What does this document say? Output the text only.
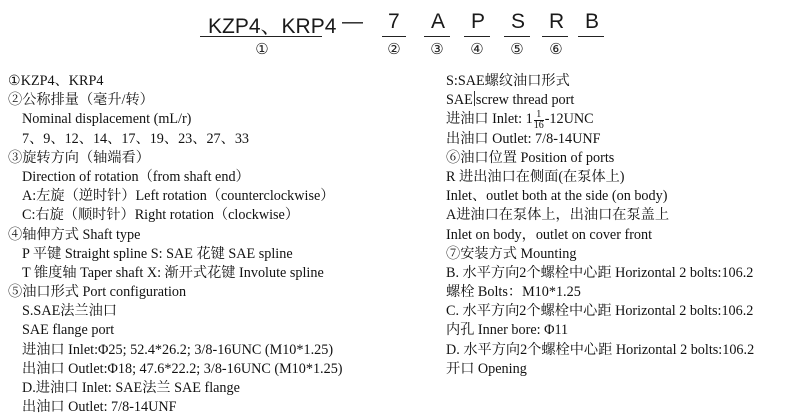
KZP4、KRP4 — 7 A P S R B
①	②	③	④	⑤	⑥
①KZP4、KRP4
②公称排量（毫升/转）
Nominal displacement (mL/r)
7、9、12、14、17、19、23、27、33
③旋转方向（轴端看）
Direction of rotation（from shaft end）
A:左旋（逆时针）Left rotation（counterclockwise）
C:右旋（顺时针）Right rotation（clockwise）
④轴伸方式 Shaft type
P 平键 Straight spline S: SAE 花键 SAE spline
T 锥度轴 Taper shaft X: 渐开式花键 Involute spline
⑤油口形式 Port configuration
S.SAE法兰油口
SAE flange port
进油口 Inlet:Φ25; 52.4*26.2; 3/8-16UNC (M10*1.25)
出油口 Outlet:Φ18; 47.6*22.2; 3/8-16UNC (M10*1.25)
D.进油口 Inlet: SAE法兰 SAE flange
出油口 Outlet: 7/8-14UNF
S:SAE螺纹油口形式
SAE screw thread port
进油口 Inlet: $1 \frac{1}{16} -12UNC$
出油口 Outlet: 7/8-14UNF
⑥油口位置 Position of ports
R 进出油口在侧面(在泵体上)
Inlet、outlet both at the side (on body)
A进油口在泵体上，出油口在泵盖上
Inlet on body，outlet on cover front
⑦安装方式 Mounting
B. 水平方向2个螺栓中心距 Horizontal 2 bolts:106.2
螺栓 Bolts：M10*1.25
C. 水平方向2个螺栓中心距 Horizontal 2 bolts:106.2
内孔 Inner bore: Φ11
D. 水平方向2个螺栓中心距 Horizontal 2 bolts:106.2
开口 Opening
